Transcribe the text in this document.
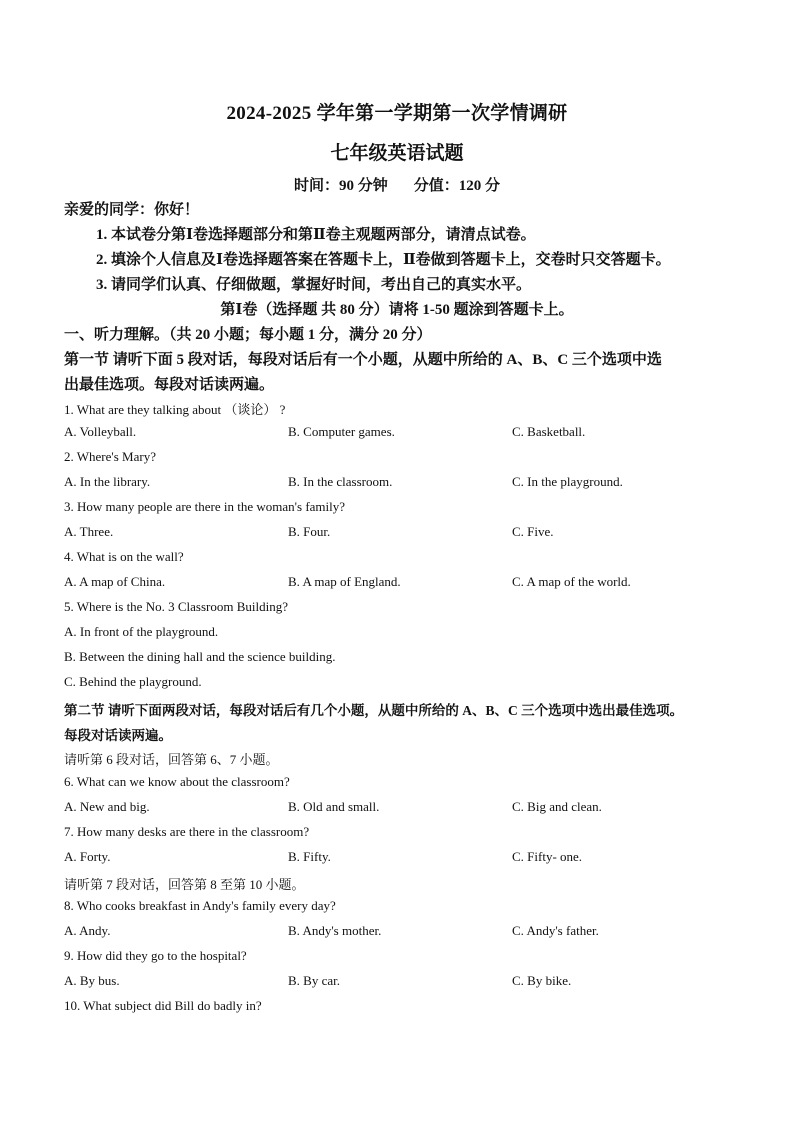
2024-2025 学年第一学期第一次学情调研
七年级英语试题
时间：90 分钟 分值：120 分
亲爱的同学：你好！
1. 本试卷分第Ⅰ卷选择题部分和第Ⅱ卷主观题两部分，请清点试卷。
2. 填涂个人信息及Ⅰ卷选择题答案在答题卡上，Ⅱ卷做到答题卡上，交卷时只交答题卡。
3. 请同学们认真、仔细做题，掌握好时间，考出自己的真实水平。
第Ⅰ卷（选择题 共 80 分）请将 1-50 题涂到答题卡上。
一、听力理解。（共 20 小题；每小题 1 分，满分 20 分）
第一节 请听下面 5 段对话，每段对话后有一个小题，从题中所给的 A、B、C 三个选项中选
出最佳选项。每段对话读两遍。
1. What are they talking about （谈论） ?
A. Volleyball.	B. Computer games.	C. Basketball.
2. Where's Mary?
A. In the library.	B. In the classroom.	C. In the playground.
3. How many people are there in the woman's family?
A. Three.	B. Four.	C. Five.
4. What is on the wall?
A. A map of China.	B. A map of England.	C. A map of the world.
5. Where is the No. 3 Classroom Building?
A. In front of the playground.
B. Between the dining hall and the science building.
C. Behind the playground.
第二节 请听下面两段对话，每段对话后有几个小题，从题中所给的 A、B、C 三个选项中选出最佳选项。
每段对话读两遍。
请听第 6 段对话，回答第 6、7 小题。
6. What can we know about the classroom?
A. New and big.	B. Old and small.	C. Big and clean.
7. How many desks are there in the classroom?
A. Forty.	B. Fifty.	C. Fifty- one.
请听第 7 段对话，回答第 8 至第 10 小题。
8. Who cooks breakfast in Andy's family every day?
A. Andy.	B. Andy's mother.	C. Andy's father.
9. How did they go to the hospital?
A. By bus.	B. By car.	C. By bike.
10. What subject did Bill do badly in?
